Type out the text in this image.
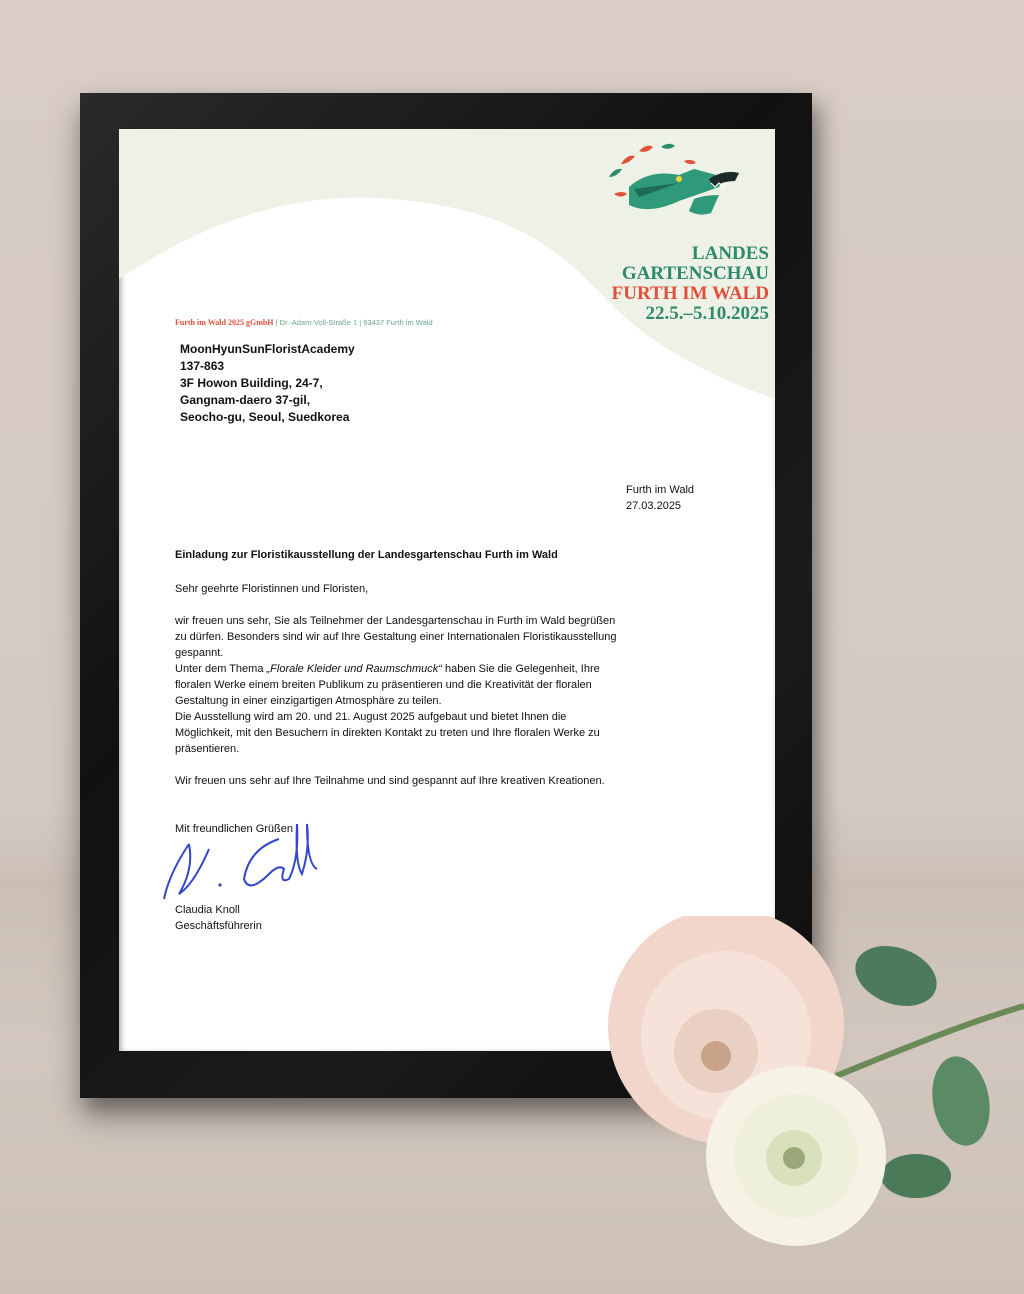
LANDES
GARTENSCHAU
FURTH IM WALD
22.5.–5.10.2025
Furth im Wald 2025 gGmbH | Dr.-Adam-Voll-Straße 1 | 93437 Furth im Wald
MoonHyunSunFloristAcademy
137-863
3F Howon Building, 24-7,
Gangnam-daero 37-gil,
Seocho-gu, Seoul, Suedkorea
Furth im Wald
27.03.2025
Einladung zur Floristikausstellung der Landesgartenschau Furth im Wald

Sehr geehrte Floristinnen und Floristen,

wir freuen uns sehr, Sie als Teilnehmer der Landesgartenschau in Furth im Wald begrüßen zu dürfen. Besonders sind wir auf Ihre Gestaltung einer Internationalen Floristikausstellung gespannt.

Unter dem Thema „Florale Kleider und Raumschmuck“ haben Sie die Gelegenheit, Ihre floralen Werke einem breiten Publikum zu präsentieren und die Kreativität der floralen Gestaltung in einer einzigartigen Atmosphäre zu teilen.

Die Ausstellung wird am 20. und 21. August 2025 aufgebaut und bietet Ihnen die Möglichkeit, mit den Besuchern in direkten Kontakt zu treten und Ihre floralen Werke zu präsentieren.

Wir freuen uns sehr auf Ihre Teilnahme und sind gespannt auf Ihre kreativen Kreationen.

Mit freundlichen Grüßen

Claudia Knoll

Geschäftsführerin
